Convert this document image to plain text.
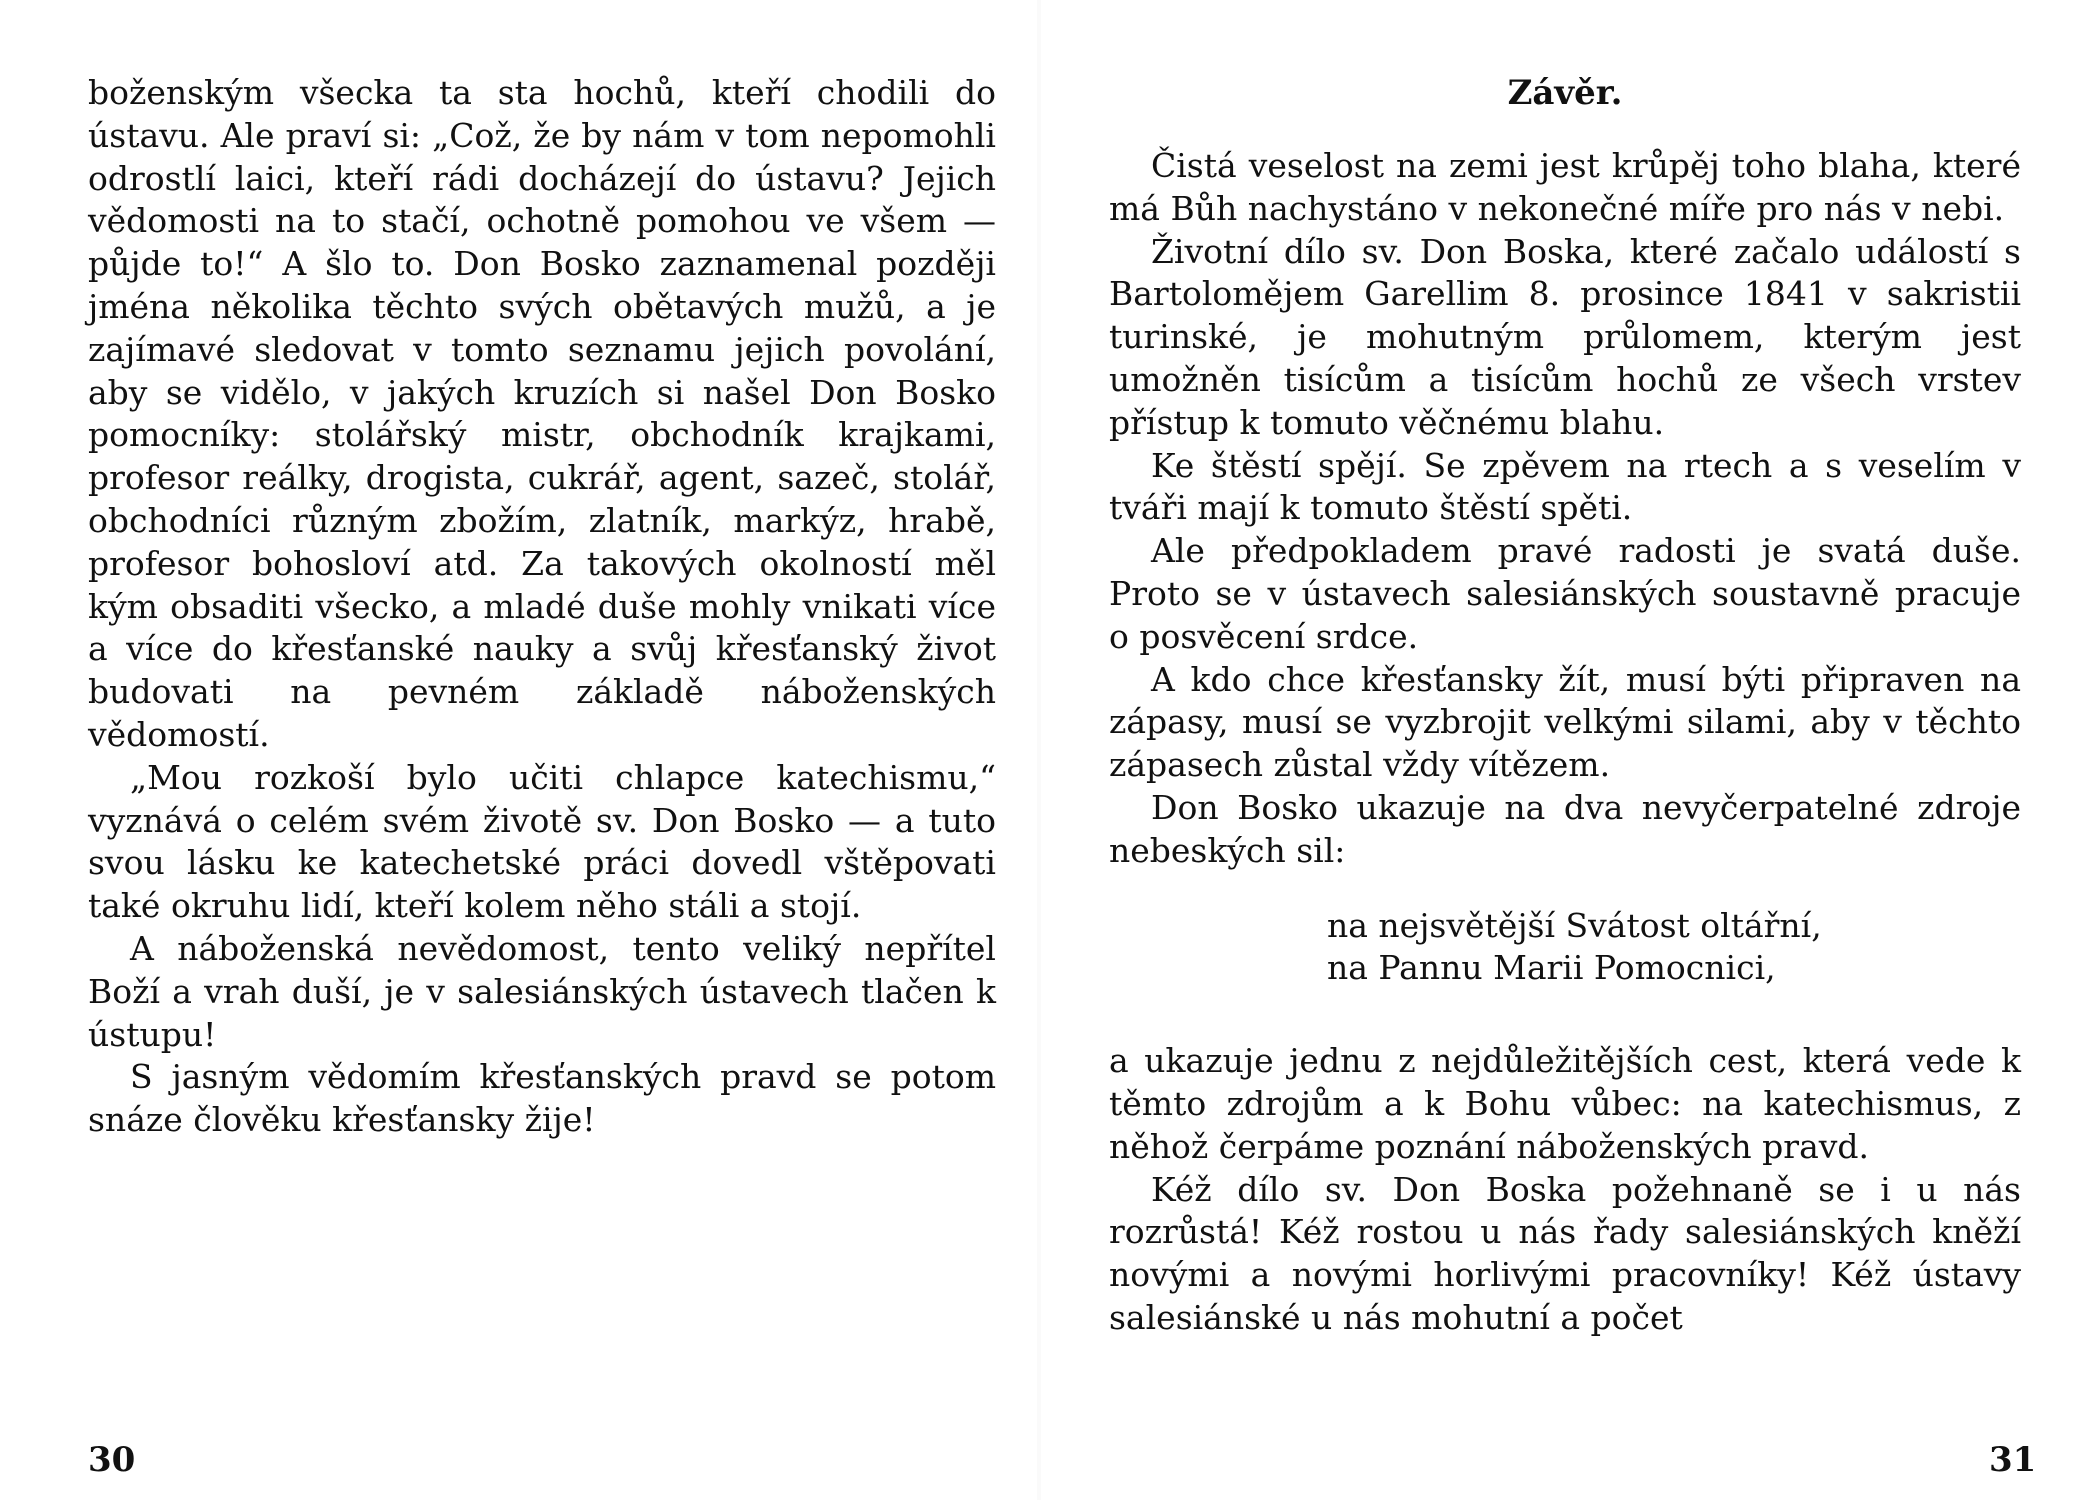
boženským všecka ta sta hochů, kteří chodili do ústavu. Ale praví si: „Což, že by nám v tom nepomohli odrostlí laici, kteří rádi docházejí do ústavu? Jejich vědomosti na to stačí, ochotně pomohou ve všem — půjde to!“ A šlo to. Don Bosko zaznamenal později jména několika těchto svých obětavých mužů, a je zajímavé sledovat v tomto seznamu jejich povolání, aby se vidělo, v jakých kruzích si našel Don Bosko pomocníky: stolářský mistr, obchodník krajkami, profesor reálky, drogista, cukrář, agent, sazeč, stolář, obchodníci různým zbožím, zlatník, markýz, hrabě, profesor bohosloví atd. Za takových okolností měl kým obsaditi všecko, a mladé duše mohly vnikati více a více do křesťanské nauky a svůj křesťanský život budovati na pevném základě náboženských vědomostí.

„Mou rozkoší bylo učiti chlapce katechismu,“ vyznává o celém svém životě sv. Don Bosko — a tuto svou lásku ke katechetské práci dovedl vštěpovati také okruhu lidí, kteří kolem něho stáli a stojí.

A náboženská nevědomost, tento veliký nepřítel Boží a vrah duší, je v salesiánských ústavech tlačen k ústupu!

S jasným vědomím křesťanských pravd se potom snáze člověku křesťansky žije!

30
Závěr.

Čistá veselost na zemi jest krůpěj toho blaha, které má Bůh nachystáno v nekonečné míře pro nás v nebi.

Životní dílo sv. Don Boska, které začalo událostí s Bartolomějem Garellim 8. prosince 1841 v sakristii turinské, je mohutným průlomem, kterým jest umožněn tisícům a tisícům hochů ze všech vrstev přístup k tomuto věčnému blahu.

Ke štěstí spějí. Se zpěvem na rtech a s veselím v tváři mají k tomuto štěstí spěti.

Ale předpokladem pravé radosti je svatá duše. Proto se v ústavech salesiánských soustavně pracuje o posvěcení srdce.

A kdo chce křesťansky žít, musí býti připraven na zápasy, musí se vyzbrojit velkými silami, aby v těchto zápasech zůstal vždy vítězem.

Don Bosko ukazuje na dva nevyčerpatelné zdroje nebeských sil:

na nejsvětější Svátost oltářní,
na Pannu Marii Pomocnici,

a ukazuje jednu z nejdůležitějších cest, která vede k těmto zdrojům a k Bohu vůbec: na katechismus, z něhož čerpáme poznání náboženských pravd.

Kéž dílo sv. Don Boska požehnaně se i u nás rozrůstá! Kéž rostou u nás řady salesiánských kněží novými a novými horlivými pracovníky! Kéž ústavy salesiánské u nás mohutní a počet

31
